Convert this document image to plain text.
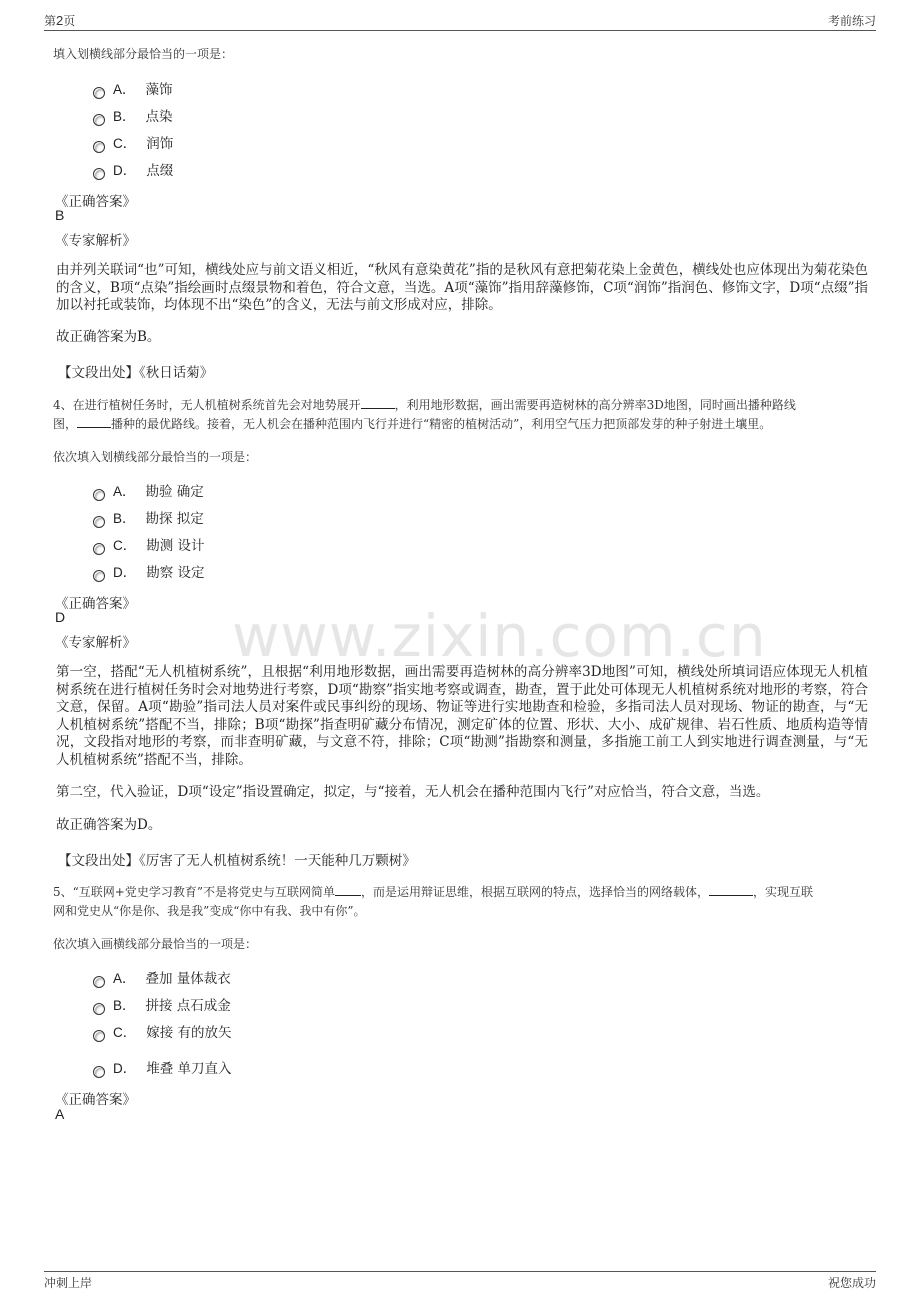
第2页	考前练习
www.zixin.com.cn
填入划横线部分最恰当的一项是：
A． 藻饰
B． 点染
C． 润饰
D． 点缀
《正确答案》
B
《专家解析》
由并列关联词“也”可知，横线处应与前文语义相近，“秋风有意染黄花”指的是秋风有意把菊花染上金黄色，横线处也应体现出为菊花染色的含义，B项“点染”指绘画时点缀景物和着色，符合文意，当选。A项“藻饰”指用辞藻修饰，C项“润饰”指润色、修饰文字，D项“点缀”指加以衬托或装饰，均体现不出“染色”的含义，无法与前文形成对应，排除。
故正确答案为B。
【文段出处】《秋日话菊》
4、在进行植树任务时，无人机植树系统首先会对地势展开	，利用地形数据，画出需要再造树林的高分辨率3D地图，同时画出播种路线
图，	播种的最优路线。接着，无人机会在播种范围内飞行并进行“精密的植树活动”，利用空气压力把顶部发芽的种子射进土壤里。
依次填入划横线部分最恰当的一项是：
A． 勘验 确定
B． 勘探 拟定
C． 勘测 设计
D． 勘察 设定
《正确答案》
D
《专家解析》
第一空，搭配“无人机植树系统”，且根据“利用地形数据，画出需要再造树林的高分辨率3D地图”可知，横线处所填词语应体现无人机植树系统在进行植树任务时会对地势进行考察，D项“勘察”指实地考察或调查，勘查，置于此处可体现无人机植树系统对地形的考察，符合文意，保留。A项“勘验”指司法人员对案件或民事纠纷的现场、物证等进行实地勘查和检验，多指司法人员对现场、物证的勘查，与“无人机植树系统”搭配不当，排除；B项“勘探”指查明矿藏分布情况，测定矿体的位置、形状、大小、成矿规律、岩石性质、地质构造等情况，文段指对地形的考察，而非查明矿藏，与文意不符，排除；C项“勘测”指勘察和测量，多指施工前工人到实地进行调查测量，与“无人机植树系统”搭配不当，排除。
第二空，代入验证，D项“设定”指设置确定，拟定，与“接着，无人机会在播种范围内飞行”对应恰当，符合文意，当选。
故正确答案为D。
【文段出处】《厉害了无人机植树系统！一天能种几万颗树》
5、“互联网+党史学习教育”不是将党史与互联网简单 ，而是运用辩证思维，根据互联网的特点，选择恰当的网络载体，	，实现互联
网和党史从“你是你、我是我”变成“你中有我、我中有你”。
依次填入画横线部分最恰当的一项是：
A． 叠加 量体裁衣
B． 拼接 点石成金
C． 嫁接 有的放矢
D． 堆叠 单刀直入
《正确答案》
A
冲刺上岸	祝您成功
